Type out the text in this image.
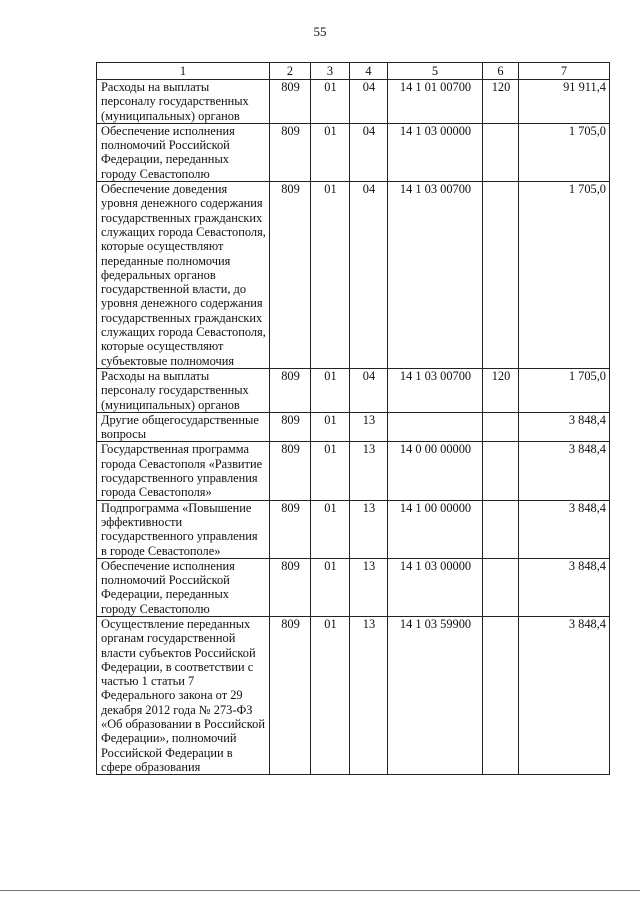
55
1	2	3	4	5	6	7
Расходы на выплаты персоналу государственных (муниципальных) органов	809	01	04	14 1 01 00700	120	91 911,4
Обеспечение исполнения полномочий Российской Федерации, переданных городу Севастополю	809	01	04	14 1 03 00000		1 705,0
Обеспечение доведения уровня денежного содержания государственных гражданских служащих города Севастополя, которые осуществляют переданные полномочия федеральных органов государственной власти, до уровня денежного содержания государственных гражданских служащих города Севастополя, которые осуществляют субъектовые полномочия	809	01	04	14 1 03 00700		1 705,0
Расходы на выплаты персоналу государственных (муниципальных) органов	809	01	04	14 1 03 00700	120	1 705,0
Другие общегосударственные вопросы	809	01	13			3 848,4
Государственная программа города Севастополя «Развитие государственного управления города Севастополя»	809	01	13	14 0 00 00000		3 848,4
Подпрограмма «Повышение эффективности государственного управления в городе Севастополе»	809	01	13	14 1 00 00000		3 848,4
Обеспечение исполнения полномочий Российской Федерации, переданных городу Севастополю	809	01	13	14 1 03 00000		3 848,4
Осуществление переданных органам государственной власти субъектов Российской Федерации, в соответствии с частью 1 статьи 7 Федерального закона от 29 декабря 2012 года № 273-ФЗ «Об образовании в Российской Федерации», полномочий Российской Федерации в сфере образования	809	01	13	14 1 03 59900		3 848,4
